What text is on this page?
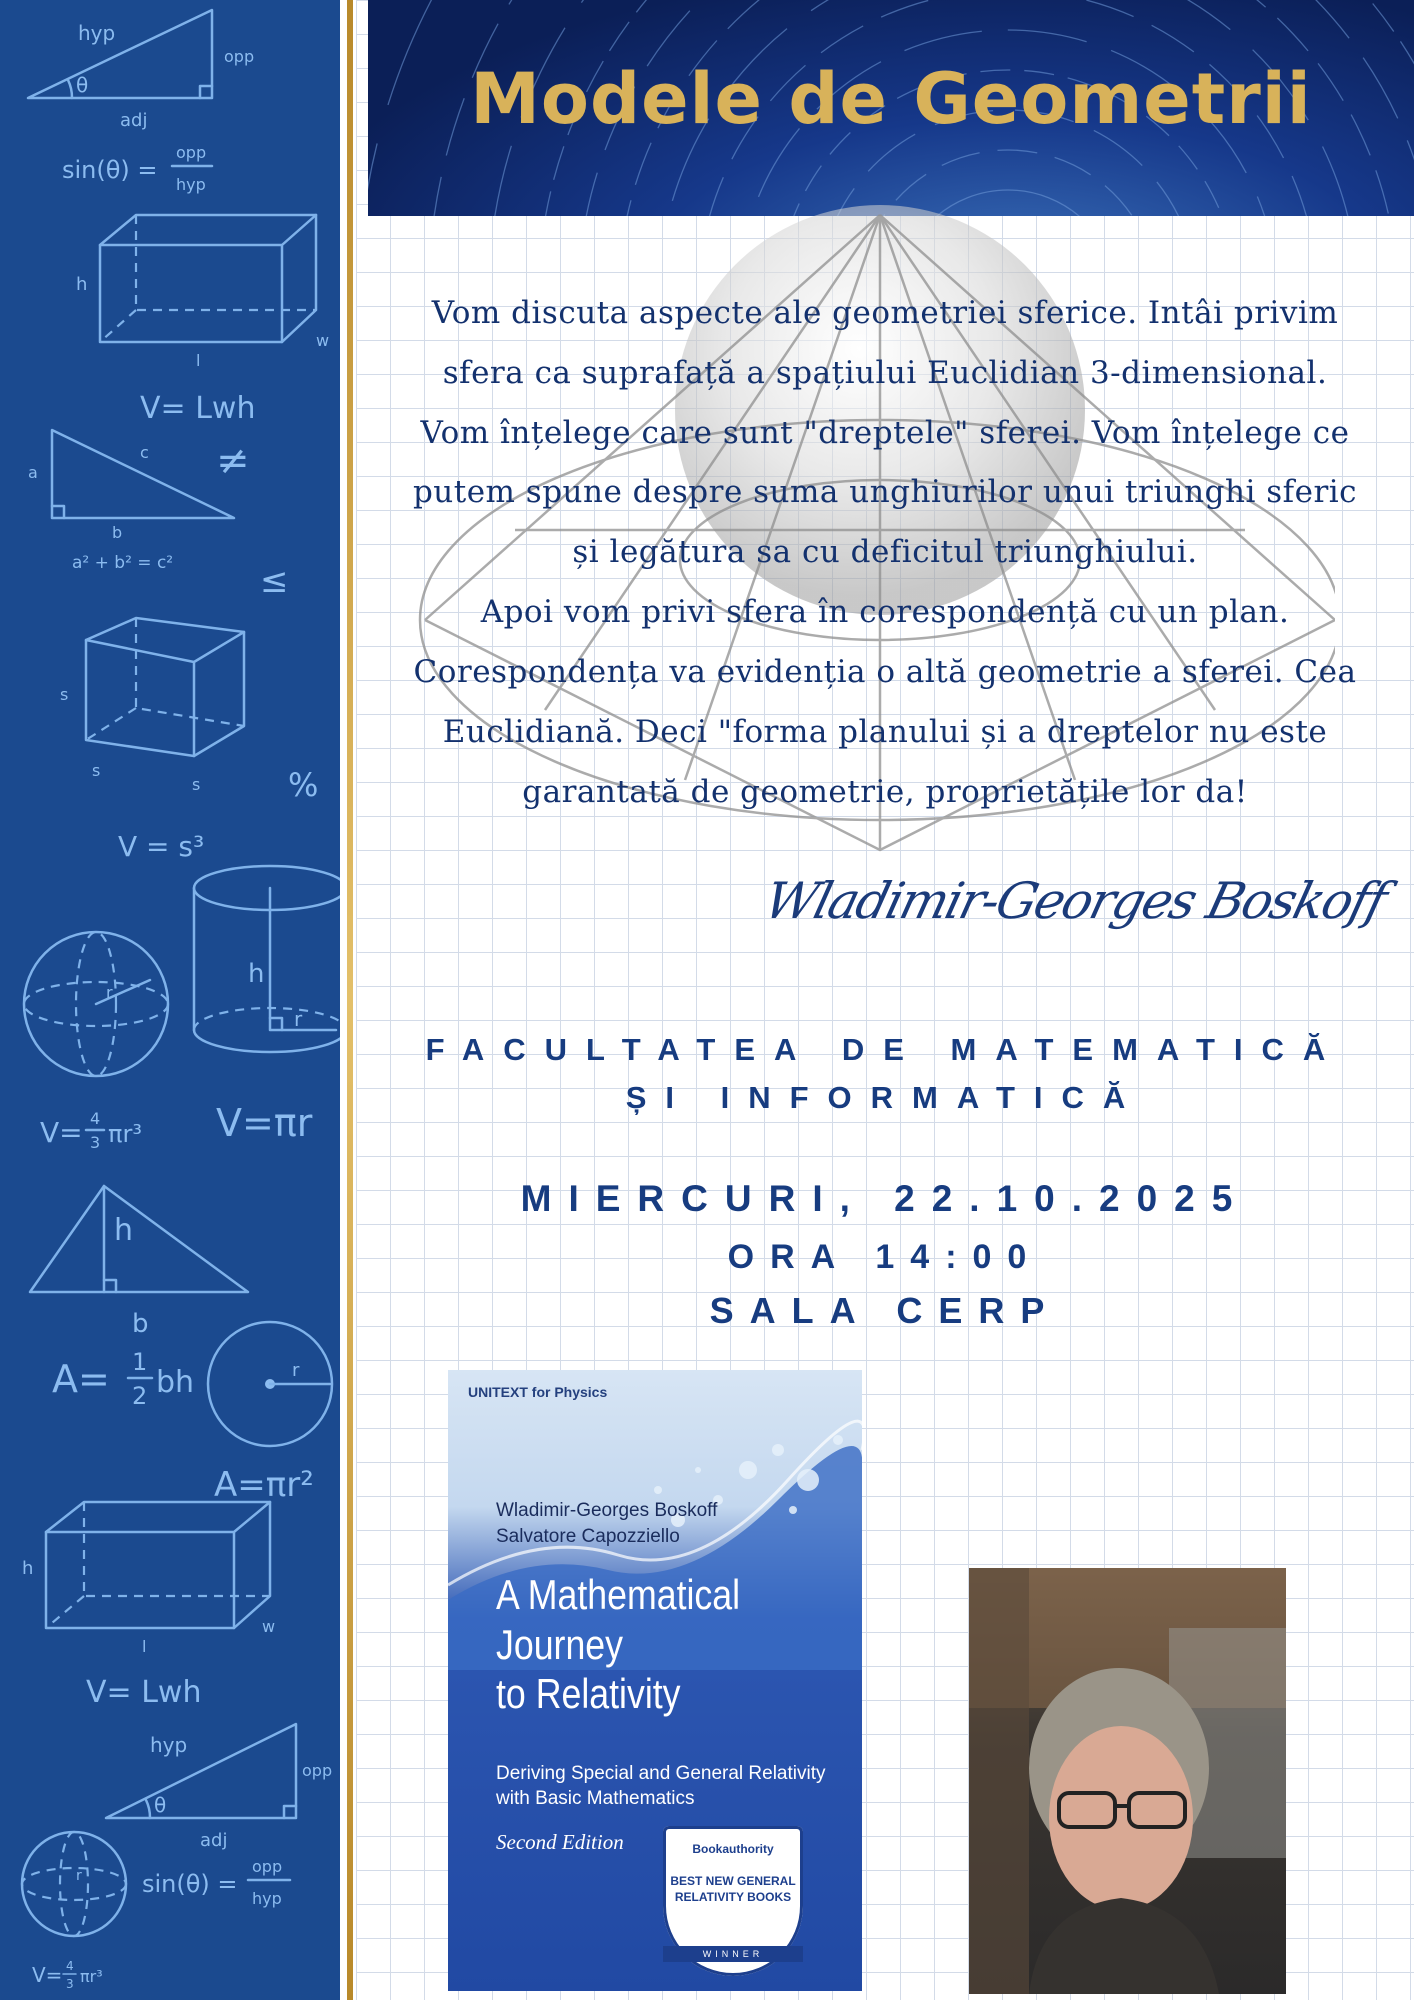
hyp
opp
θ
adj
sin(θ) =
opp
hyp
h
l
w
V= Lwh
a
c
b
≠
a² + b² = c²	≤
s
s
s	%
V = s³
h
r
r
V= 4
3 πr³ V=πr
h
b
A= 1
2 bh	r
A=πr²
h
l
w
V= Lwh
hyp
opp
θ
adj
sin(θ) =
opp
hyp
r
V= 4
3 πr³
Modele de Geometrii

Vom discuta aspecte ale geometriei sferice. Intâi privim

sfera ca suprafață a spațiului Euclidian 3-dimensional.

Vom înțelege care sunt "dreptele" sferei. Vom înțelege ce

putem spune despre suma unghiurilor unui triunghi sferic

și legătura sa cu deficitul triunghiului.

Apoi vom privi sfera în corespondență cu un plan.

Corespondența va evidenția o altă geometrie a sferei. Cea

Euclidiană. Deci "forma planului și a dreptelor nu este

garantată de geometrie, proprietățile lor da!

Wladimir-Georges Boskoff
FACULTATEA DE MATEMATICĂ
ȘI INFORMATICĂ
MIERCURI, 22.10.2025
ORA 14:00
SALA CERP
UNITEXT for Physics
Wladimir-Georges Boskoff
Salvatore Capozziello
A Mathematical
Journey
to Relativity
Deriving Special and General Relativity
with Basic Mathematics
Second Edition	Bookauthority
BEST NEW GENERAL
RELATIVITY BOOKS
WINNER
